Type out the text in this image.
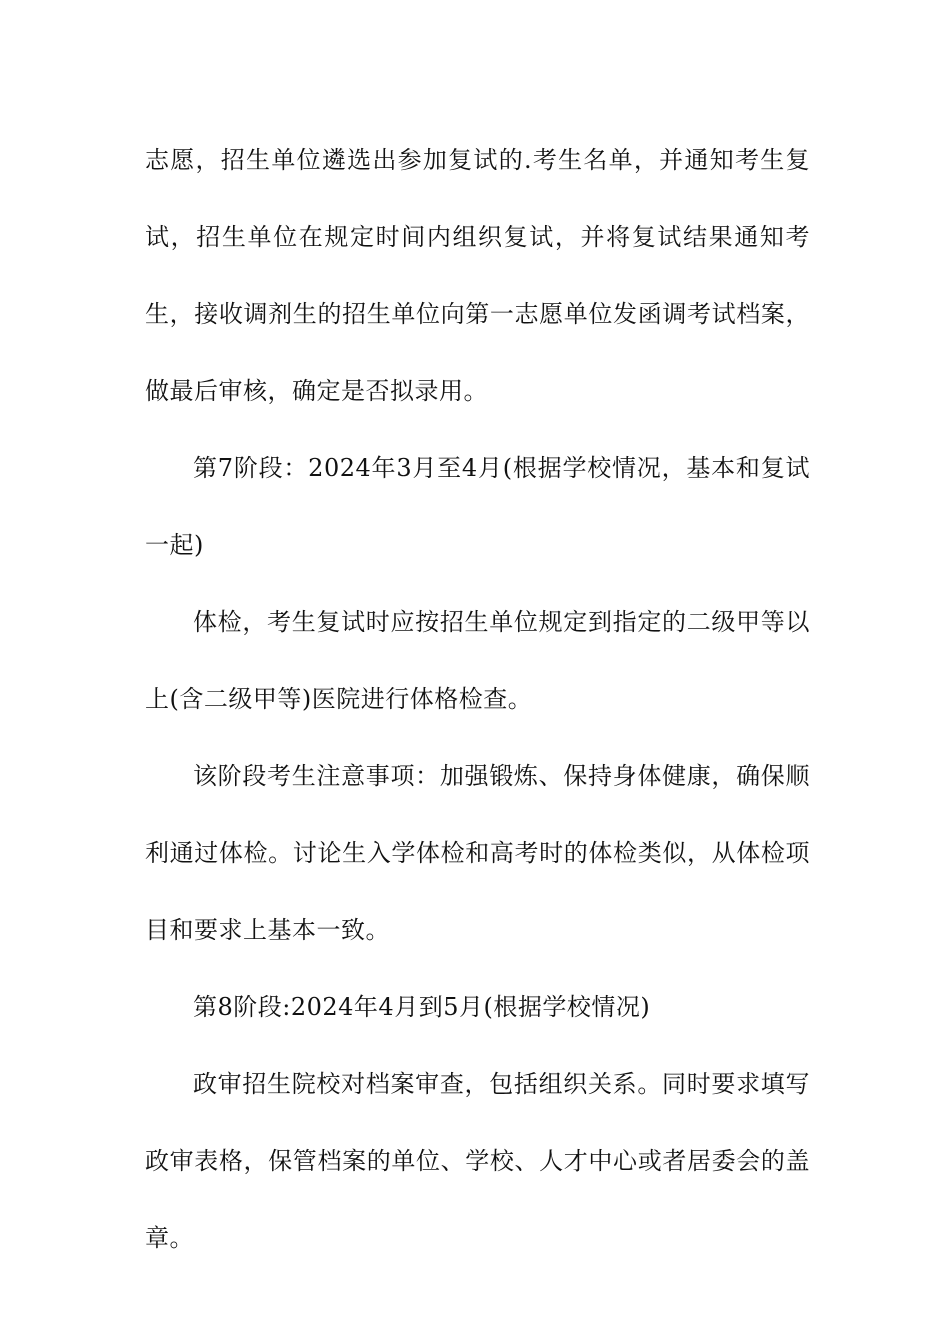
志愿，招生单位遴选出参加复试的.考生名单，并通知考生复试，招生单位在规定时间内组织复试，并将复试结果通知考生，接收调剂生的招生单位向第一志愿单位发函调考试档案，做最后审核，确定是否拟录用。

第7阶段：2024年3月至4月(根据学校情况，基本和复试一起)

体检，考生复试时应按招生单位规定到指定的二级甲等以上(含二级甲等)医院进行体格检查。

该阶段考生注意事项：加强锻炼、保持身体健康，确保顺利通过体检。讨论生入学体检和高考时的体检类似，从体检项目和要求上基本一致。

第8阶段:2024年4月到5月(根据学校情况)

政审招生院校对档案审查，包括组织关系。同时要求填写政审表格，保管档案的单位、学校、人才中心或者居委会的盖章。
